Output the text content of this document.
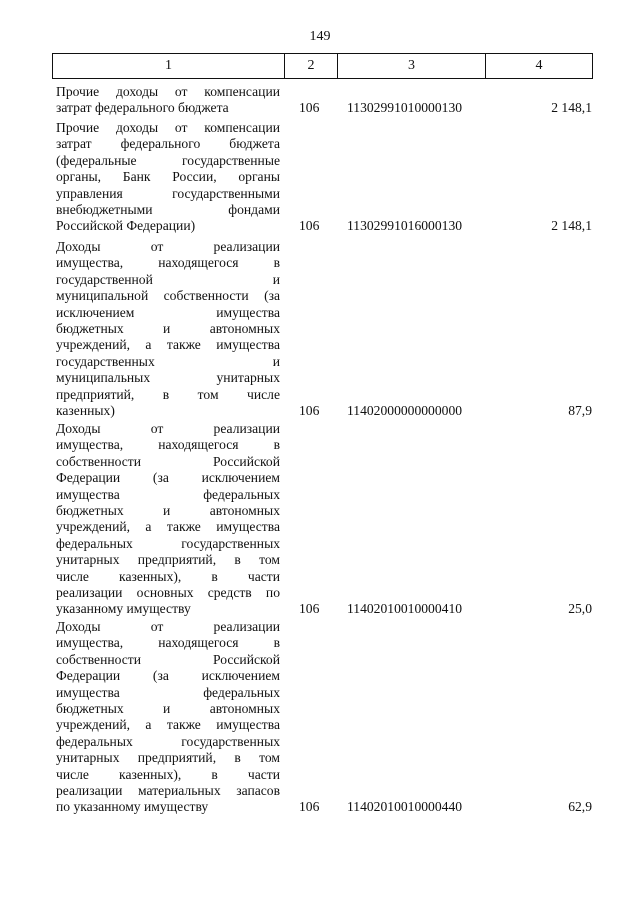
149
1	2	3	4
Прочие доходы от компенсации
затрат федерального бюджета	106 11302991010000130	2 148,1
Прочие доходы от компенсации
затрат федерального бюджета
(федеральные государственные
органы, Банк России, органы
управления государственными
внебюджетными фондами
Российской Федерации)	106 11302991016000130	2 148,1
Доходы от реализации
имущества, находящегося в
государственной и
муниципальной собственности (за
исключением имущества
бюджетных и автономных
учреждений, а также имущества
государственных и
муниципальных унитарных
предприятий, в том числе
казенных)	106 11402000000000000	87,9
Доходы от реализации
имущества, находящегося в
собственности Российской
Федерации (за исключением
имущества федеральных
бюджетных и автономных
учреждений, а также имущества
федеральных государственных
унитарных предприятий, в том
числе казенных), в части
реализации основных средств по
указанному имуществу	106 11402010010000410	25,0
Доходы от реализации
имущества, находящегося в
собственности Российской
Федерации (за исключением
имущества федеральных
бюджетных и автономных
учреждений, а также имущества
федеральных государственных
унитарных предприятий, в том
числе казенных), в части
реализации материальных запасов
по указанному имуществу	106 11402010010000440	62,9
